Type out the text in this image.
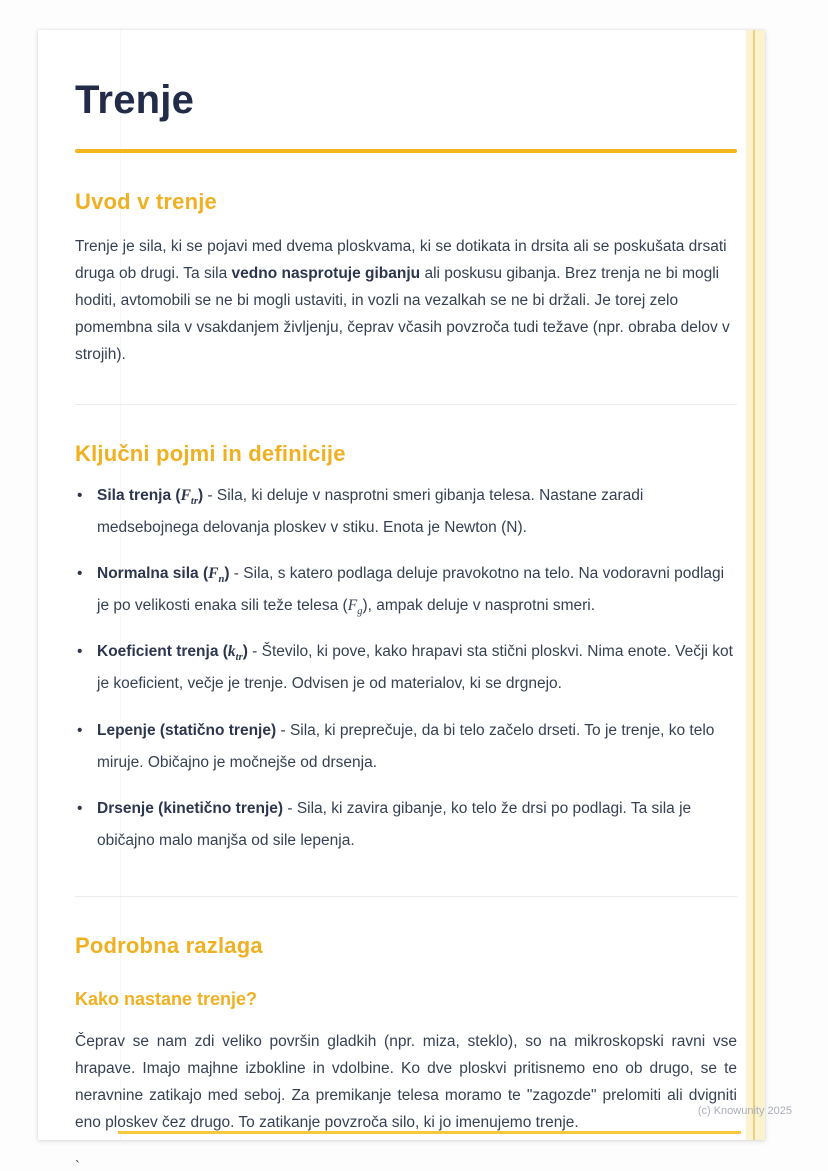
Trenje
Uvod v trenje

Trenje je sila, ki se pojavi med dvema ploskvama, ki se dotikata in drsita ali se poskušata drsati druga ob drugi. Ta sila vedno nasprotuje gibanju ali poskusu gibanja. Brez trenja ne bi mogli hoditi, avtomobili se ne bi mogli ustaviti, in vozli na vezalkah se ne bi držali. Je torej zelo pomembna sila v vsakdanjem življenju, čeprav včasih povzroča tudi težave (npr. obraba delov v strojih).

Ključni pojmi in definicije
• Sila trenja $(F_{tr})$ - Sila, ki deluje v nasprotni smeri gibanja telesa. Nastane zaradi medsebojnega delovanja ploskev v stiku. Enota je Newton (N).
• Normalna sila $(F_n)$ - Sila, s katero podlaga deluje pravokotno na telo. Na vodoravni podlagi je po velikosti enaka sili teže telesa $(F_g)$, ampak deluje v nasprotni smeri.
• Koeficient trenja $(k_{tr})$ - Število, ki pove, kako hrapavi sta stični ploskvi. Nima enote. Večji kot je koeficient, večje je trenje. Odvisen je od materialov, ki se drgnejo.
• Lepenje (statično trenje) - Sila, ki preprečuje, da bi telo začelo drseti. To je trenje, ko telo miruje. Običajno je močnejše od drsenja.
• Drsenje (kinetično trenje) - Sila, ki zavira gibanje, ko telo že drsi po podlagi. Ta sila je običajno malo manjša od sile lepenja.
Podrobna razlaga
Kako nastane trenje?

Čeprav se nam zdi veliko površin gladkih (npr. miza, steklo), so na mikroskopski ravni vse hrapave. Imajo majhne izbokline in vdolbine. Ko dve ploskvi pritisnemo eno ob drugo, se te neravnine zatikajo med seboj. Za premikanje telesa moramo te "zagozde" prelomiti ali dvigniti eno ploskev čez drugo. To zatikanje povzroča silo, ki jo imenujemo trenje.

`
(c) Knowunity 2025
